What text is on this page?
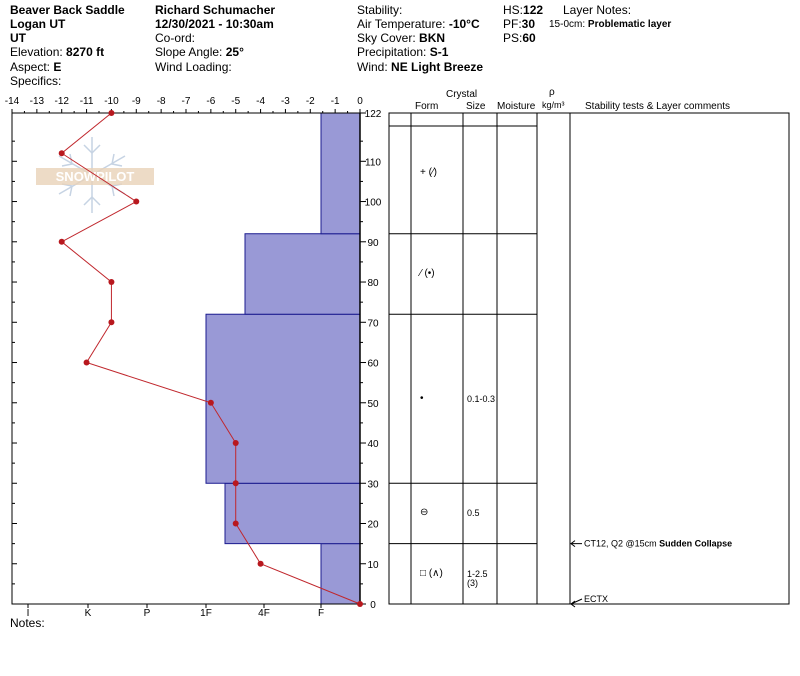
Beaver Back Saddle
Logan UT
UT
Elevation: 8270 ft
Aspect: E
Specifics:
Richard Schumacher
12/30/2021 - 10:30am
Co-ord:
Slope Angle: 25°
Wind Loading:
Stability:
Air Temperature: -10°C
Sky Cover: BKN
Precipitation: S-1
Wind: NE Light Breeze
HS:122
PF:30
PS:60
Layer Notes:
15-0cm: Problematic layer
Crystal
Form	Size Moisture
ρ
kg/m³ Stability tests & Layer comments
Notes:
+ (⁄)
⁄ (•)
•	0.1-0.3
⊖	0.5
□ (∧)	1-2.5
(3)
SNOWPILOT
-14 -13 -12 -11 -10 -9 -8 -7 -6 -5 -4 -3 -2 -1 0
0
10
20
30
40
50
60
70
80
90
100
110
122
I	K	P	1F	4F	F
CT12, Q2 @15cm Sudden Collapse
ECTX
